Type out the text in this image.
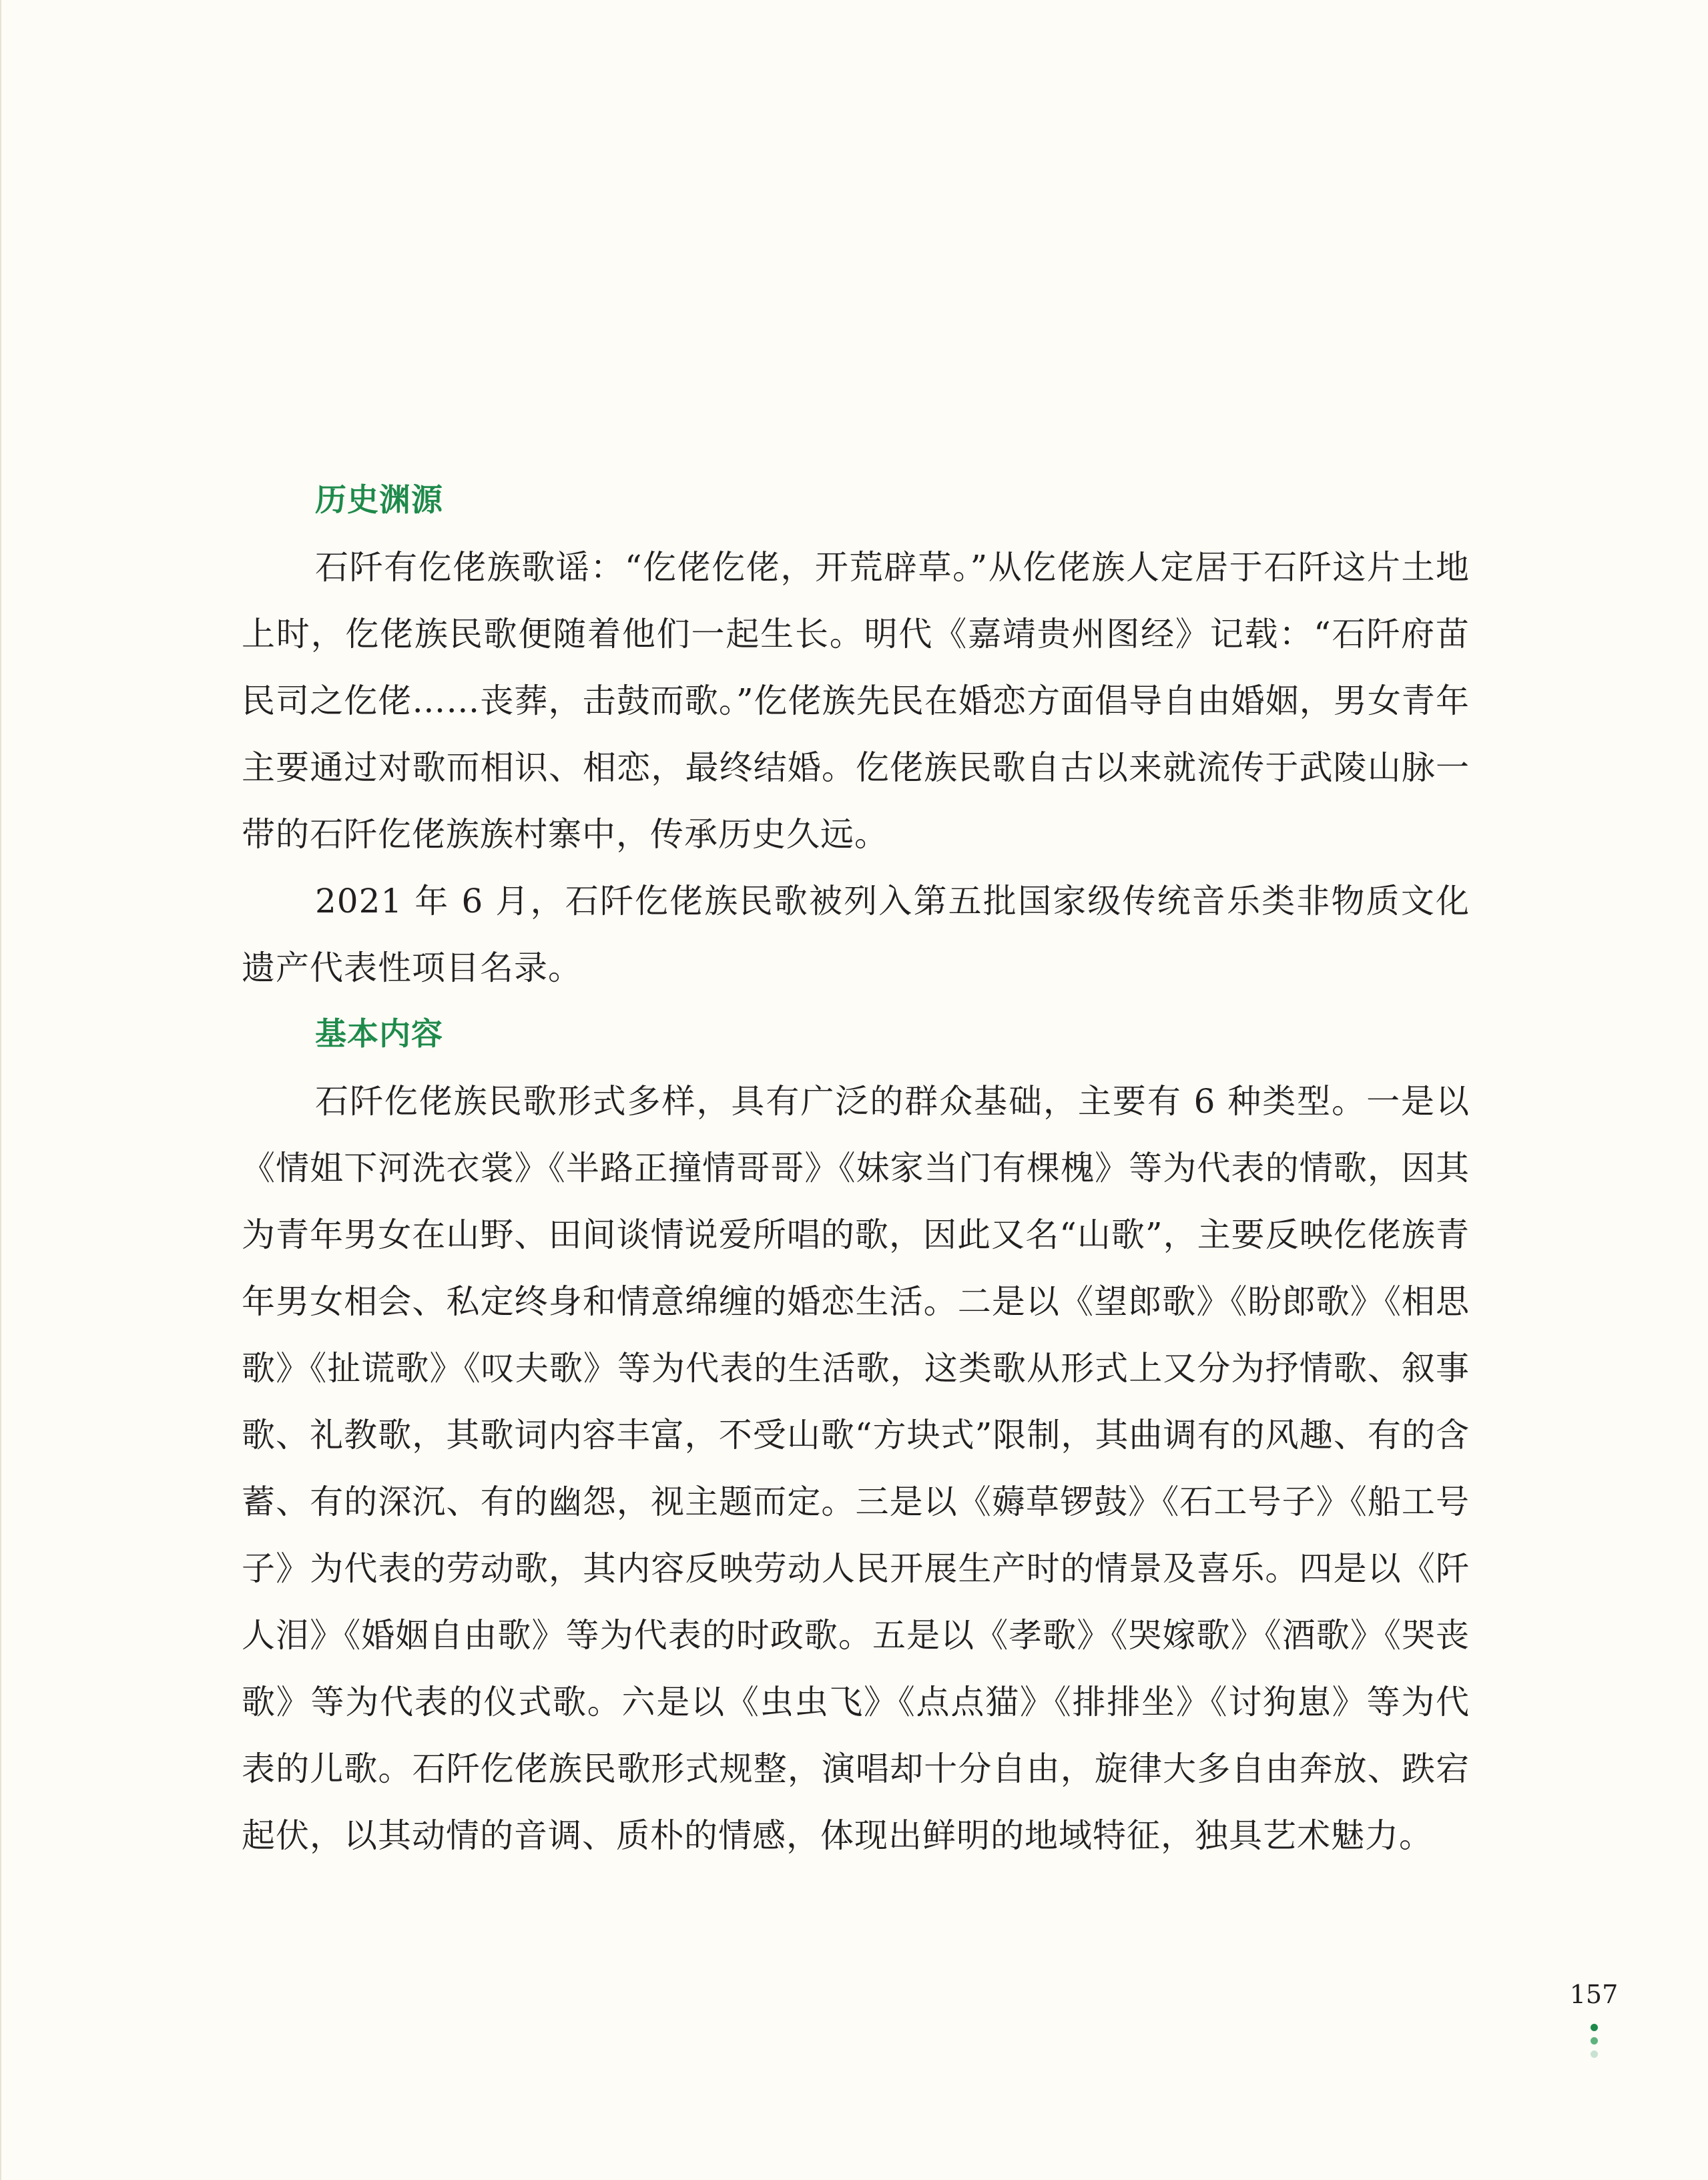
历史渊源

石阡有仡佬族歌谣：“仡佬仡佬，开荒辟草。”从仡佬族人定居于石阡这片土地上时，仡佬族民歌便随着他们一起生长。明代《嘉靖贵州图经》记载：“石阡府苗民司之仡佬……丧葬，击鼓而歌。”仡佬族先民在婚恋方面倡导自由婚姻，男女青年主要通过对歌而相识、相恋，最终结婚。仡佬族民歌自古以来就流传于武陵山脉一带的石阡仡佬族族村寨中，传承历史久远。

2021 年 6 月，石阡仡佬族民歌被列入第五批国家级传统音乐类非物质文化遗产代表性项目名录。

基本内容

石阡仡佬族民歌形式多样，具有广泛的群众基础，主要有 6 种类型。一是以《情姐下河洗衣裳》《半路正撞情哥哥》《妹家当门有棵槐》等为代表的情歌，因其为青年男女在山野、田间谈情说爱所唱的歌，因此又名“山歌”，主要反映仡佬族青年男女相会、私定终身和情意绵缠的婚恋生活。二是以《望郎歌》《盼郎歌》《相思歌》《扯谎歌》《叹夫歌》等为代表的生活歌，这类歌从形式上又分为抒情歌、叙事歌、礼教歌，其歌词内容丰富，不受山歌“方块式”限制，其曲调有的风趣、有的含蓄、有的深沉、有的幽怨，视主题而定。三是以《薅草锣鼓》《石工号子》《船工号子》为代表的劳动歌，其内容反映劳动人民开展生产时的情景及喜乐。四是以《阡人泪》《婚姻自由歌》等为代表的时政歌。五是以《孝歌》《哭嫁歌》《酒歌》《哭丧歌》等为代表的仪式歌。六是以《虫虫飞》《点点猫》《排排坐》《讨狗崽》等为代表的儿歌。石阡仡佬族民歌形式规整，演唱却十分自由，旋律大多自由奔放、跌宕起伏，以其动情的音调、质朴的情感，体现出鲜明的地域特征，独具艺术魅力。

157
